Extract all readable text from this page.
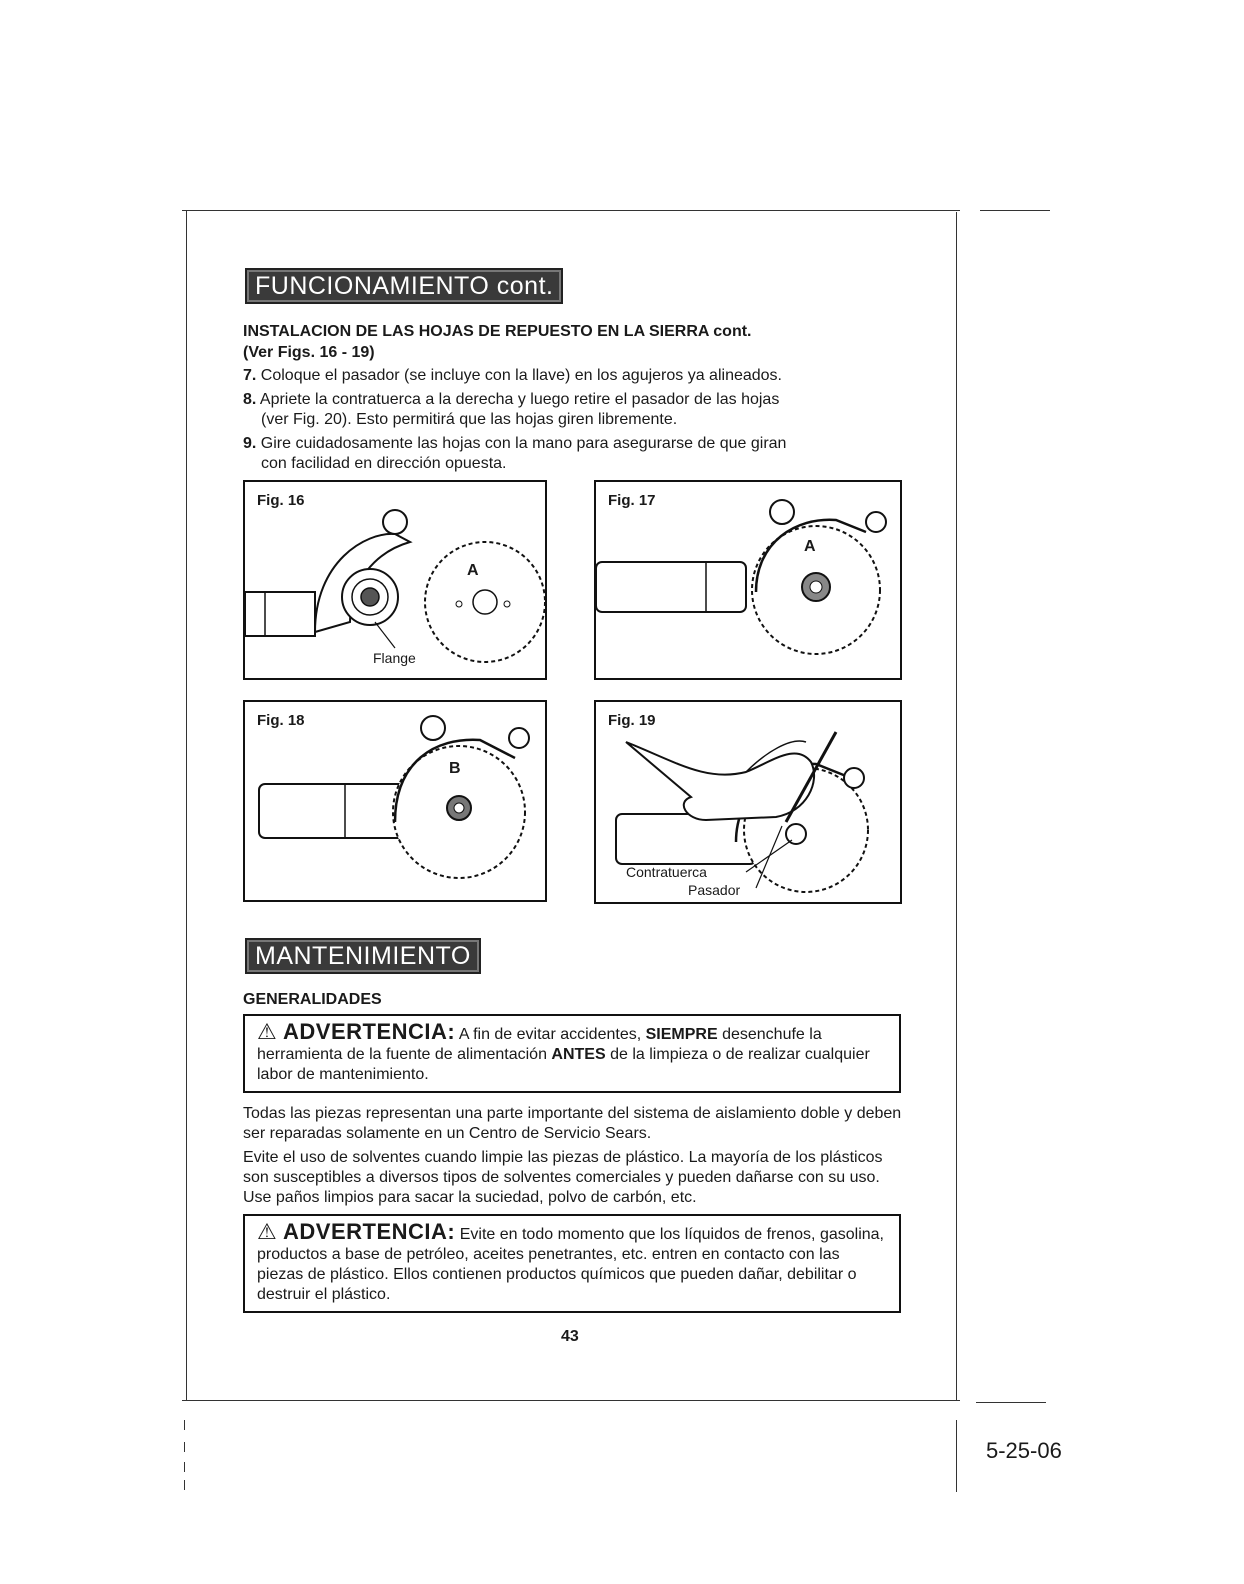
FUNCIONAMIENTO cont.
INSTALACION DE LAS HOJAS DE REPUESTO EN LA SIERRA cont.
(Ver Figs. 16 - 19)
7. Coloque el pasador (se incluye con la llave) en los agujeros ya alineados.
8. Apriete la contratuerca a la derecha y luego retire el pasador de las hojas
(ver Fig. 20). Esto permitirá que las hojas giren libremente.
9. Gire cuidadosamente las hojas con la mano para asegurarse de que giran
con facilidad en dirección opuesta.
Fig. 16
A
Flange
Fig. 17
A
Fig. 18
B
Fig. 19
Contratuerca
Pasador
MANTENIMIENTO
GENERALIDADES
⚠ ADVERTENCIA: A fin de evitar accidentes, SIEMPRE desenchufe la herramienta de la fuente de alimentación ANTES de la limpieza o de realizar cualquier labor de mantenimiento.
Todas las piezas representan una parte importante del sistema de aislamiento doble y deben ser reparadas solamente en un Centro de Servicio Sears.
Evite el uso de solventes cuando limpie las piezas de plástico. La mayoría de los plásticos son susceptibles a diversos tipos de solventes comerciales y pueden dañarse con su uso. Use paños limpios para sacar la suciedad, polvo de carbón, etc.
⚠ ADVERTENCIA: Evite en todo momento que los líquidos de frenos, gasolina, productos a base de petróleo, aceites penetrantes, etc. entren en contacto con las piezas de plástico. Ellos contienen productos químicos que pueden dañar, debilitar o destruir el plástico.
43
5-25-06
